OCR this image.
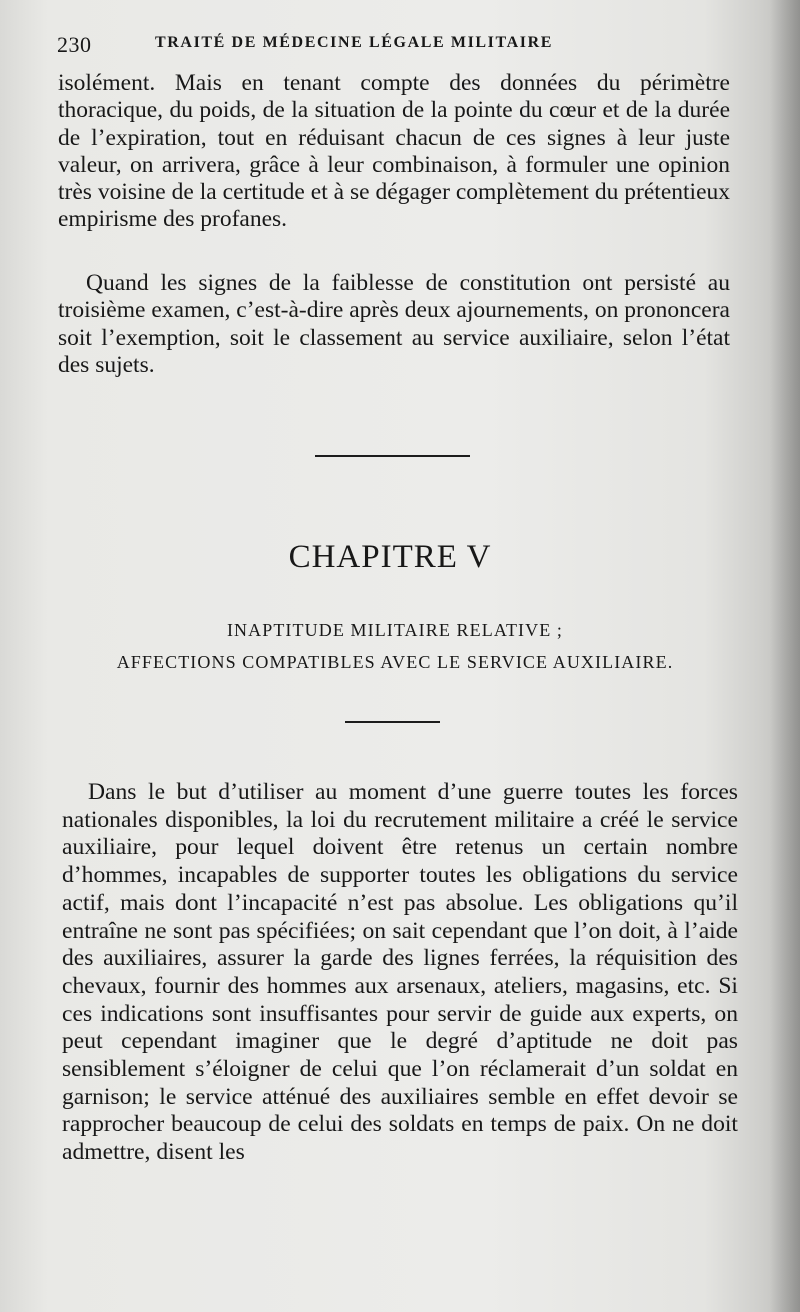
230	TRAITÉ DE MÉDECINE LÉGALE MILITAIRE

isolément. Mais en tenant compte des données du périmètre thoracique, du poids, de la situation de la pointe du cœur et de la durée de l’expiration, tout en réduisant chacun de ces signes à leur juste valeur, on arrivera, grâce à leur combinaison, à formuler une opinion très voisine de la certitude et à se dégager complètement du prétentieux empirisme des profanes.

Quand les signes de la faiblesse de constitution ont persisté au troisième examen, c’est-à-dire après deux ajournements, on prononcera soit l’exemption, soit le classement au service auxiliaire, selon l’état des sujets.

CHAPITRE V
INAPTITUDE MILITAIRE RELATIVE ;
AFFECTIONS COMPATIBLES AVEC LE SERVICE AUXILIAIRE.

Dans le but d’utiliser au moment d’une guerre toutes les forces nationales disponibles, la loi du recrutement militaire a créé le service auxiliaire, pour lequel doivent être retenus un certain nombre d’hommes, incapables de supporter toutes les obligations du service actif, mais dont l’incapacité n’est pas absolue. Les obligations qu’il entraîne ne sont pas spécifiées; on sait cependant que l’on doit, à l’aide des auxiliaires, assurer la garde des lignes ferrées, la réquisition des chevaux, fournir des hommes aux arsenaux, ateliers, magasins, etc. Si ces indications sont insuffisantes pour servir de guide aux experts, on peut cependant imaginer que le degré d’aptitude ne doit pas sensiblement s’éloigner de celui que l’on réclamerait d’un soldat en garnison; le service atténué des auxiliaires semble en effet devoir se rapprocher beaucoup de celui des soldats en temps de paix. On ne doit admettre, disent les
